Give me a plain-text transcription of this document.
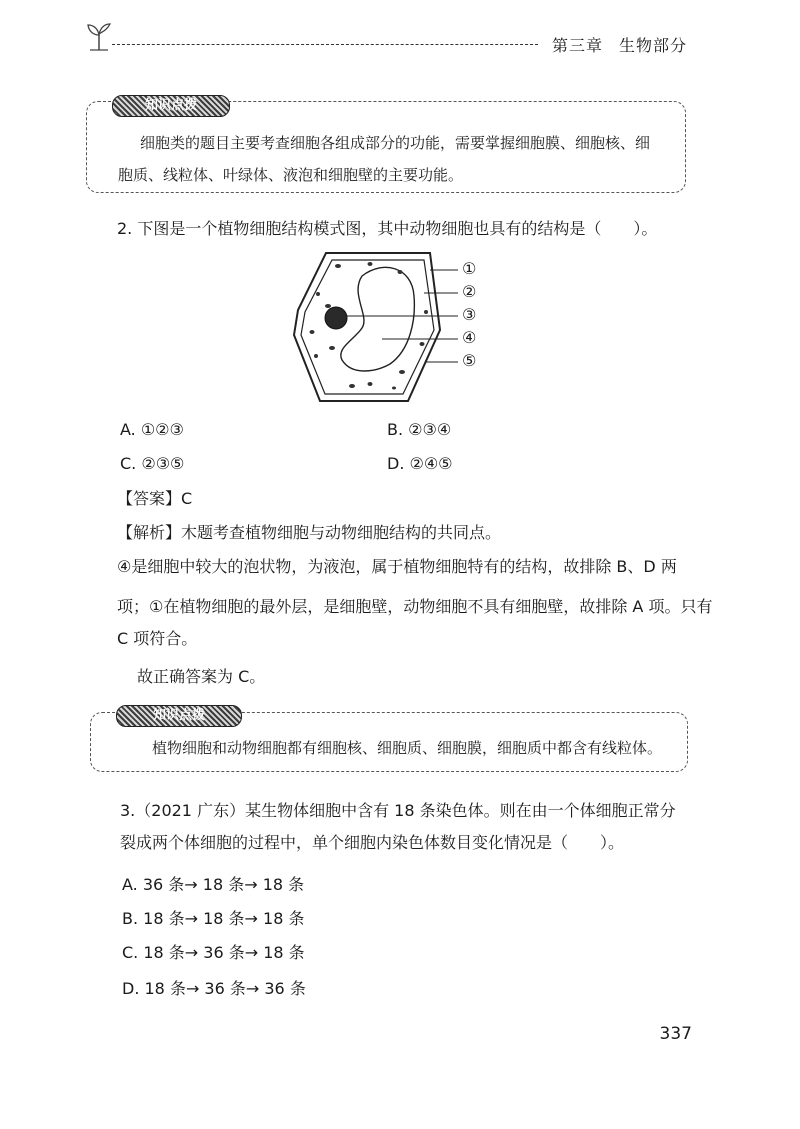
第三章 生物部分
知识点拨
细胞类的题目主要考查细胞各组成部分的功能，需要掌握细胞膜、细胞核、细
胞质、线粒体、叶绿体、液泡和细胞壁的主要功能。
2. 下图是一个植物细胞结构模式图，其中动物细胞也具有的结构是（　　）。
①
②
③
④
⑤
A. ①②③	B. ②③④
C. ②③⑤	D. ②④⑤
【答案】C
【解析】木题考查植物细胞与动物细胞结构的共同点。
④是细胞中较大的泡状物，为液泡，属于植物细胞特有的结构，故排除 B、D 两
项；①在植物细胞的最外层，是细胞壁，动物细胞不具有细胞壁，故排除 A 项。只有
C 项符合。
故正确答案为 C。
知识点拨
植物细胞和动物细胞都有细胞核、细胞质、细胞膜，细胞质中都含有线粒体。
3.（2021 广东）某生物体细胞中含有 18 条染色体。则在由一个体细胞正常分
裂成两个体细胞的过程中，单个细胞内染色体数目变化情况是（　　）。
A. 36 条→ 18 条→ 18 条
B. 18 条→ 18 条→ 18 条
C. 18 条→ 36 条→ 18 条
D. 18 条→ 36 条→ 36 条
337
